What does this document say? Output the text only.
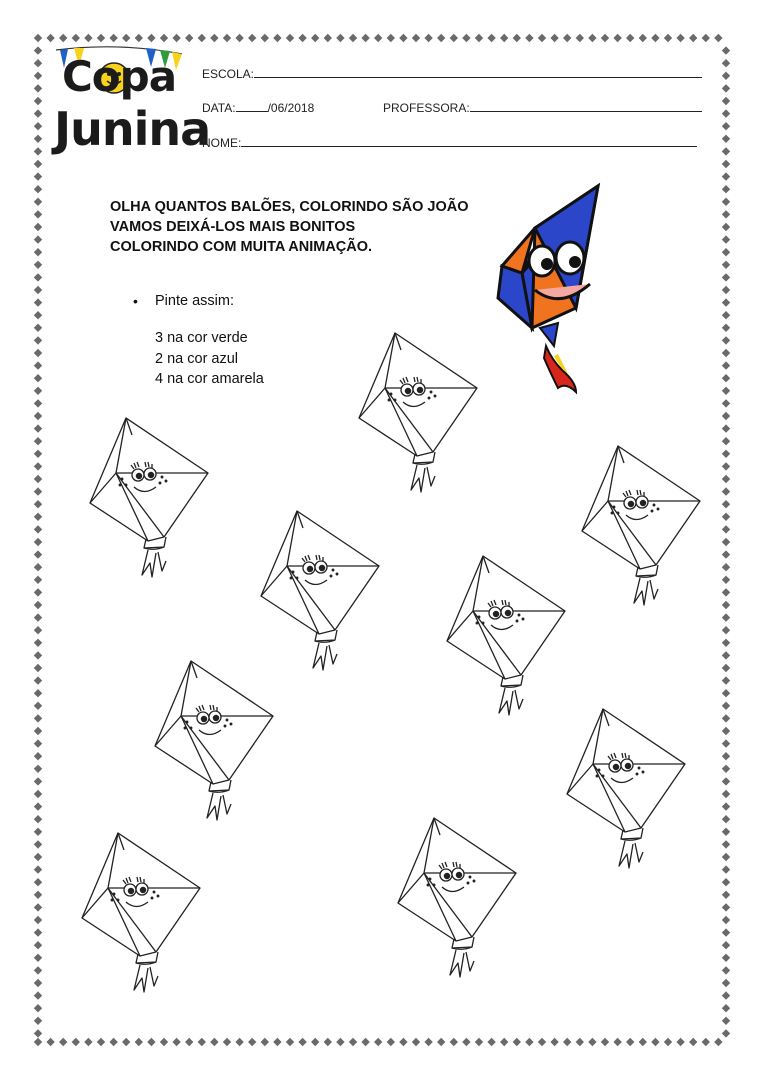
Copa
Junina
ESCOLA:
DATA:	/06/2018	PROFESSORA:
NOME:
OLHA QUANTOS BALÕES, COLORINDO SÃO JOÃO
VAMOS DEIXÁ-LOS MAIS BONITOS
COLORINDO COM MUITA ANIMAÇÃO.
• Pinte assim:
3 na cor verde
2 na cor azul
4 na cor amarela
